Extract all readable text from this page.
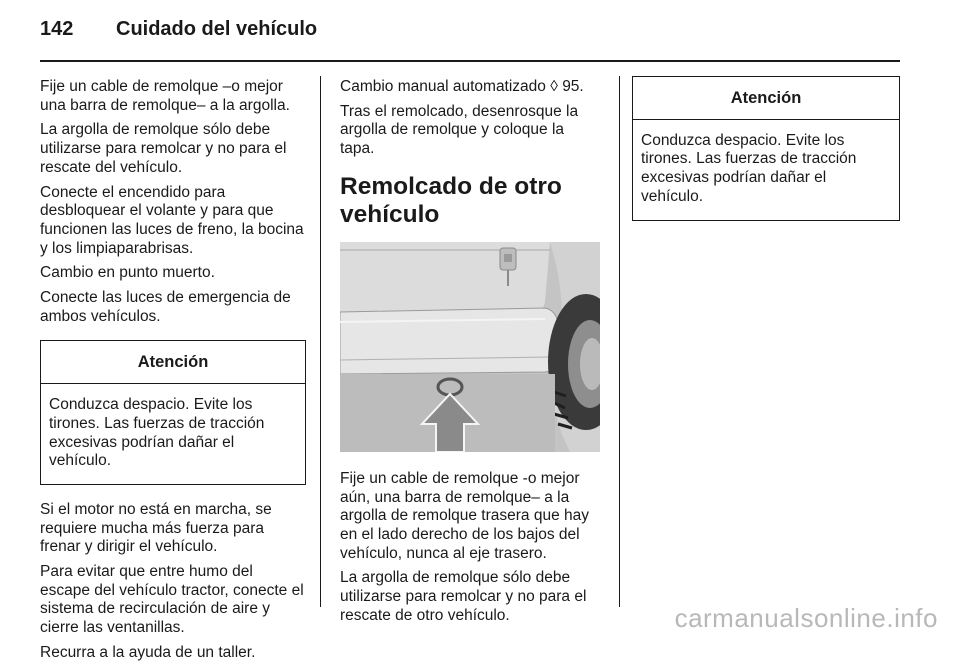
142 Cuidado del vehículo

Fije un cable de remolque –o mejor una barra de remolque– a la argolla.

La argolla de remolque sólo debe utilizarse para remolcar y no para el rescate del vehículo.

Conecte el encendido para desbloquear el volante y para que funcionen las luces de freno, la bocina y los limpiaparabrisas.

Cambio en punto muerto.

Conecte las luces de emergencia de ambos vehículos.

Atención
Conduzca despacio. Evite los tirones. Las fuerzas de tracción excesivas podrían dañar el vehículo.

Si el motor no está en marcha, se requiere mucha más fuerza para frenar y dirigir el vehículo.

Para evitar que entre humo del escape del vehículo tractor, conecte el sistema de recirculación de aire y cierre las ventanillas.

Recurra a la ayuda de un taller.

Cambio manual automatizado ◊ 95.

Tras el remolcado, desenrosque la argolla de remolque y coloque la tapa.

Remolcado de otro vehículo

Fije un cable de remolque -o mejor aún, una barra de remolque– a la argolla de remolque trasera que hay en el lado derecho de los bajos del vehículo, nunca al eje trasero.

La argolla de remolque sólo debe utilizarse para remolcar y no para el rescate de otro vehículo.

Atención
Conduzca despacio. Evite los tirones. Las fuerzas de tracción excesivas podrían dañar el vehículo.
carmanualsonline.info
